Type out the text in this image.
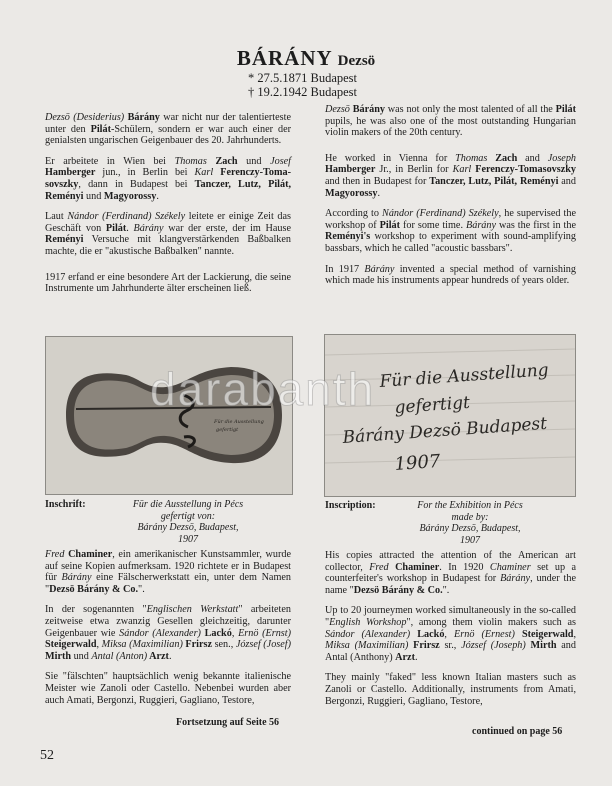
BÁRÁNY Dezsö
* 27.5.1871 Budapest
† 19.2.1942 Budapest

Dezsö (Desiderius) Bárány war nicht nur der talentierteste unter den Pilát-Schülern, sondern er war auch einer der genialsten ungarischen Geigenbauer des 20. Jahrhunderts.

Er arbeitete in Wien bei Thomas Zach und Josef Hamberger jun., in Berlin bei Karl Ferenczy-Tomasovszky, dann in Budapest bei Tanczer, Lutz, Pilát, Reményi und Magyorossy.

Laut Nándor (Ferdinand) Székely leitete er einige Zeit das Geschäft von Pilát. Bárány war der erste, der im Hause Reményi Versuche mit klangverstärkenden Baßbalken machte, die er "akustische Baßbalken" nannte.

1917 erfand er eine besondere Art der Lackierung, die seine Instrumente um Jahrhunderte älter erscheinen ließ.

Für die Ausstellung
gefertigt
Inschrift:	Für die Ausstellung in Pécs
gefertigt von:
Bárány Dezsö, Budapest,
1907

Fred Chaminer, ein amerikanischer Kunstsammler, wurde auf seine Kopien aufmerksam. 1920 richtete er in Budapest für Bárány eine Fälscherwerkstatt ein, unter dem Namen "Dezsö Bárány & Co.".

In der sogenannten "Englischen Werkstatt" arbeiteten zeitweise etwa zwanzig Gesellen gleichzeitig, darunter Geigenbauer wie Sándor (Alexander) Lackó, Ernö (Ernst) Steigerwald, Miksa (Maximilian) Frirsz sen., József (Josef) Mirth und Antal (Anton) Arzt.

Sie "fälschten" hauptsächlich wenig bekannte italienische Meister wie Zanoli oder Castello. Nebenbei wurden aber auch Amati, Bergonzi, Ruggieri, Gagliano, Testore,

Fortsetzung auf Seite 56

Dezsö Bárány was not only the most talented of all the Pilát pupils, he was also one of the most outstanding Hungarian violin makers of the 20th century.

He worked in Vienna for Thomas Zach and Joseph Hamberger Jr., in Berlin for Karl Ferenczy-Tomasovszky and then in Budapest for Tanczer, Lutz, Pilát, Reményi and Magyorossy.

According to Nándor (Ferdinand) Székely, he supervised the workshop of Pilát for some time. Bárány was the first in the Reményi's workshop to experiment with sound-amplifying bassbars, which he called "acoustic bassbars".

In 1917 Bárány invented a special method of varnishing which made his instruments appear hundreds of years older.

Für die Ausstellung
gefertigt
Bárány Dezsö Budapest
1907
Inscription:	For the Exhibition in Pécs
made by:
Bárány Dezsö, Budapest,
1907

His copies attracted the attention of the American art collector, Fred Chaminer. In 1920 Chaminer set up a counterfeiter's workshop in Budapest for Bárány, under the name "Dezsö Bárány & Co.".

Up to 20 journeymen worked simultaneously in the so-called "English Workshop", among them violin makers such as Sándor (Alexander) Lackó, Ernö (Ernest) Steigerwald, Miksa (Maximilian) Frirsz sr., József (Joseph) Mirth and Antal (Anthony) Arzt.

They mainly "faked" less known Italian masters such as Zanoli or Castello. Additionally, instruments from Amati, Bergonzi, Ruggieri, Gagliano, Testore,

continued on page 56
darabanth
52
